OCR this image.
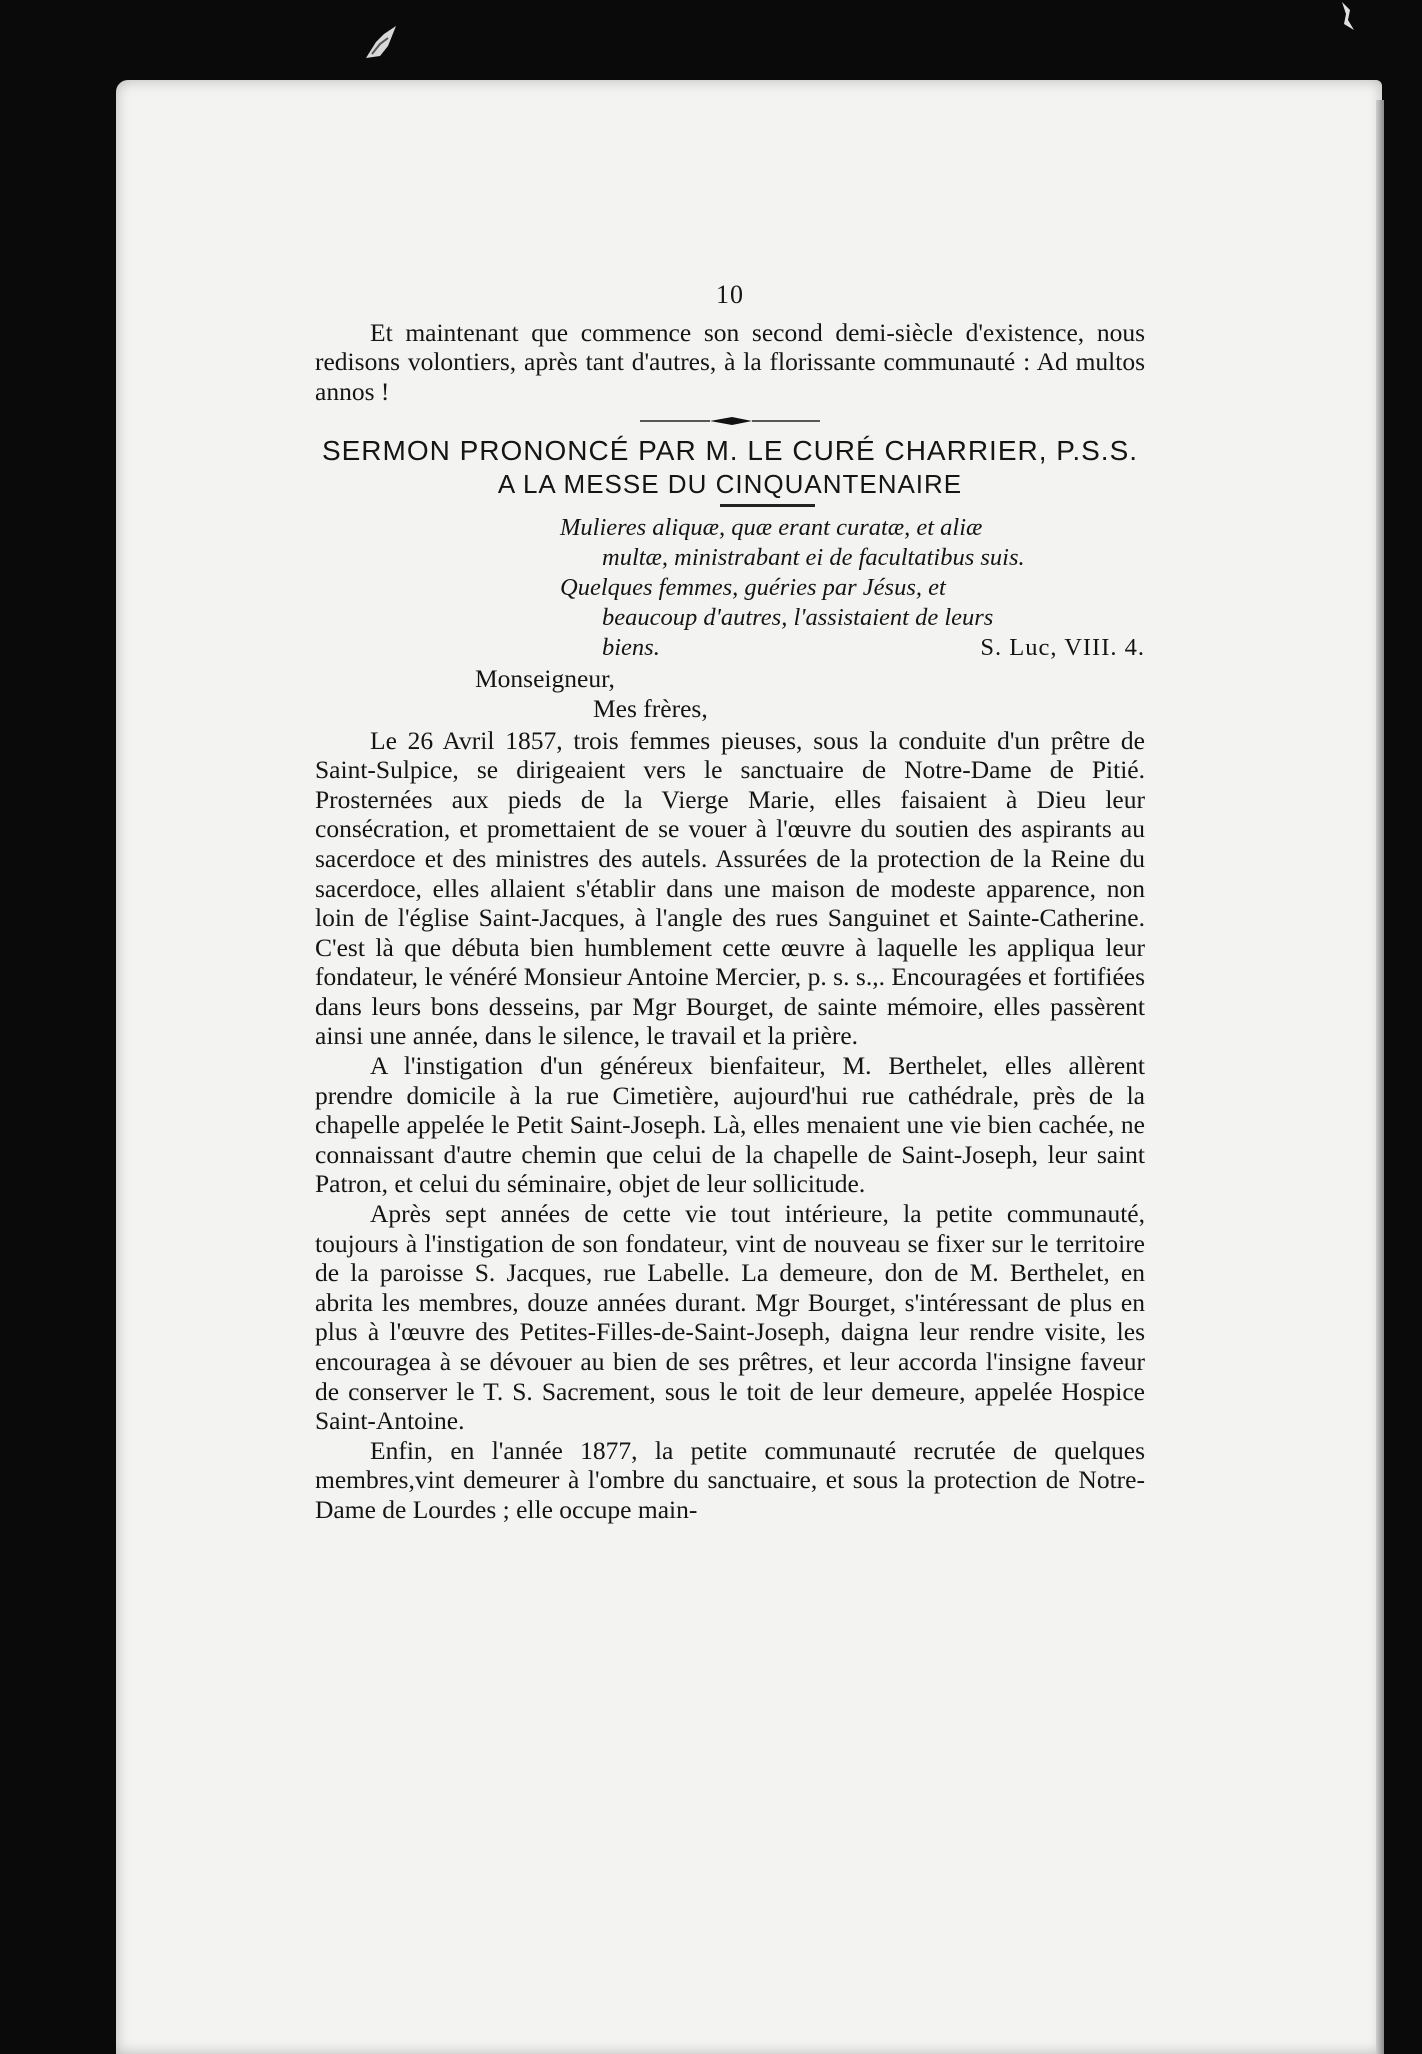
10

Et maintenant que commence son second demi-siècle d'existence, nous redisons volontiers, après tant d'autres, à la florissante communauté : Ad multos annos !

SERMON PRONONCÉ PAR M. LE CURÉ CHARRIER, P.S.S.
A LA MESSE DU CINQUANTENAIRE
Mulieres aliquæ, quæ erant curatæ, et aliæ
multæ, ministrabant ei de facultatibus suis.
Quelques femmes, guéries par Jésus, et
beaucoup d'autres, l'assistaient de leurs
biens.	S. Luc, VIII. 4.

Monseigneur,

Mes frères,

Le 26 Avril 1857, trois femmes pieuses, sous la conduite d'un prêtre de Saint-Sulpice, se dirigeaient vers le sanctuaire de Notre-Dame de Pitié. Prosternées aux pieds de la Vierge Marie, elles faisaient à Dieu leur consécration, et promettaient de se vouer à l'œuvre du soutien des aspirants au sacerdoce et des ministres des autels. Assurées de la protection de la Reine du sacerdoce, elles allaient s'établir dans une maison de modeste apparence, non loin de l'église Saint-Jacques, à l'angle des rues Sanguinet et Sainte-Catherine. C'est là que débuta bien humblement cette œuvre à laquelle les appliqua leur fondateur, le vénéré Monsieur Antoine Mercier, p. s. s.,. Encouragées et fortifiées dans leurs bons desseins, par Mgr Bourget, de sainte mémoire, elles passèrent ainsi une année, dans le silence, le travail et la prière.

A l'instigation d'un généreux bienfaiteur, M. Berthelet, elles allèrent prendre domicile à la rue Cimetière, aujourd'hui rue cathédrale, près de la chapelle appelée le Petit Saint-Joseph. Là, elles menaient une vie bien cachée, ne connaissant d'autre chemin que celui de la chapelle de Saint-Joseph, leur saint Patron, et celui du séminaire, objet de leur sollicitude.

Après sept années de cette vie tout intérieure, la petite communauté, toujours à l'instigation de son fondateur, vint de nouveau se fixer sur le territoire de la paroisse S. Jacques, rue Labelle. La demeure, don de M. Berthelet, en abrita les membres, douze années durant. Mgr Bourget, s'intéressant de plus en plus à l'œuvre des Petites-Filles-de-Saint-Joseph, daigna leur rendre visite, les encouragea à se dévouer au bien de ses prêtres, et leur accorda l'insigne faveur de conserver le T. S. Sacrement, sous le toit de leur demeure, appelée Hospice Saint-Antoine.

Enfin, en l'année 1877, la petite communauté recrutée de quelques membres,vint demeurer à l'ombre du sanctuaire, et sous la protection de Notre-Dame de Lourdes ; elle occupe main-
